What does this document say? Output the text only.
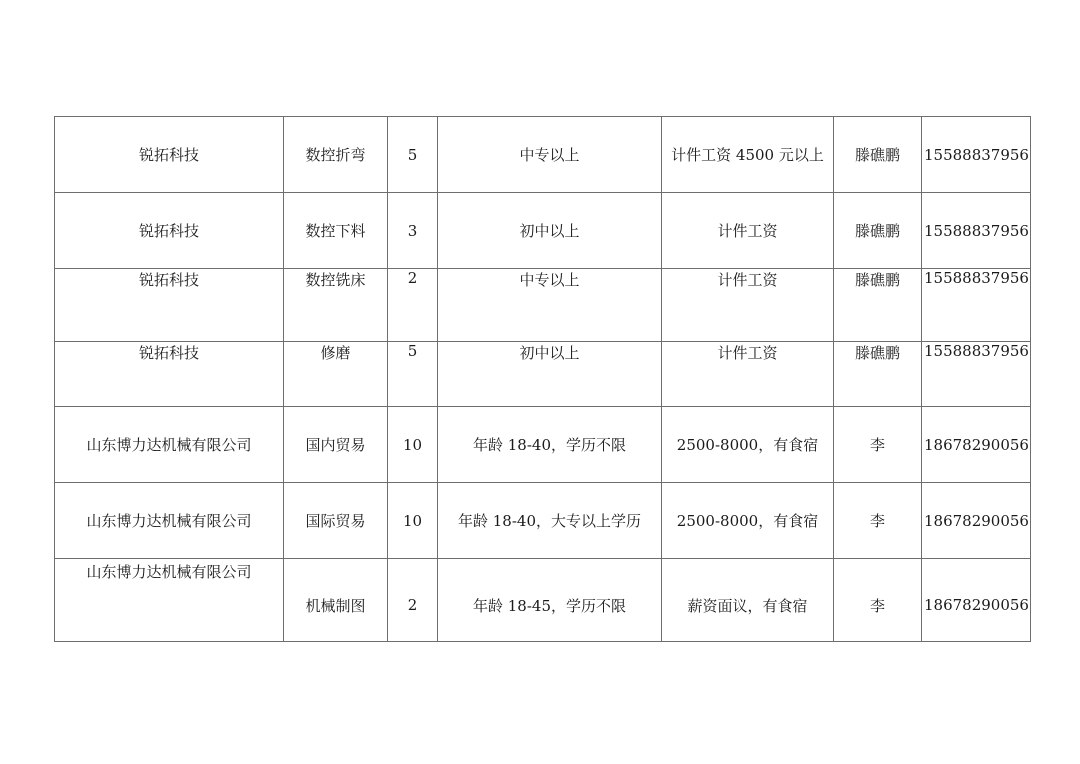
锐拓科技	数控折弯	5	中专以上	计件工资 4500 元以上	滕礁鹏	15588837956
锐拓科技	数控下料	3	初中以上	计件工资	滕礁鹏	15588837956
锐拓科技	数控铣床	2	中专以上	计件工资	滕礁鹏	15588837956
锐拓科技	修磨	5	初中以上	计件工资	滕礁鹏	15588837956
山东博力达机械有限公司	国内贸易	10	年龄 18-40，学历不限	2500-8000，有食宿	李	18678290056
山东博力达机械有限公司	国际贸易	10	年龄 18-40，大专以上学历	2500-8000，有食宿	李	18678290056
山东博力达机械有限公司	机械制图	2	年龄 18-45，学历不限	薪资面议，有食宿	李	18678290056
